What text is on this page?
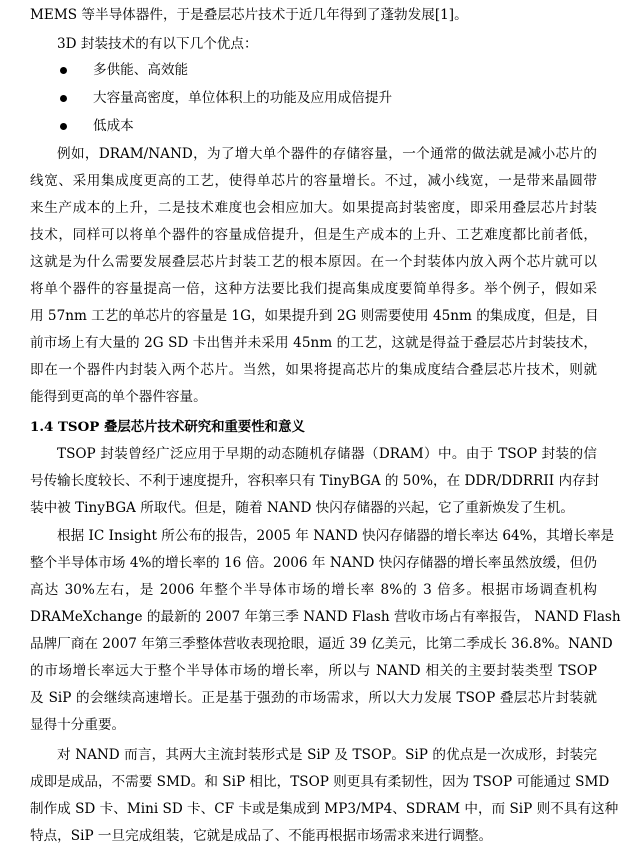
MEMS 等半导体器件，于是叠层芯片技术于近几年得到了蓬勃发展[1]。
3D 封装技术的有以下几个优点：
多供能、高效能
大容量高密度，单位体积上的功能及应用成倍提升
低成本
例如，DRAM/NAND，为了增大单个器件的存储容量，一个通常的做法就是减小芯片的
线宽、采用集成度更高的工艺，使得单芯片的容量增长。不过，减小线宽，一是带来晶圆带
来生产成本的上升，二是技术难度也会相应加大。如果提高封装密度，即采用叠层芯片封装
技术，同样可以将单个器件的容量成倍提升，但是生产成本的上升、工艺难度都比前者低，
这就是为什么需要发展叠层芯片封装工艺的根本原因。在一个封装体内放入两个芯片就可以
将单个器件的容量提高一倍，这种方法要比我们提高集成度要简单得多。举个例子，假如采
用 57nm 工艺的单芯片的容量是 1G，如果提升到 2G 则需要使用 45nm 的集成度，但是，目
前市场上有大量的 2G SD 卡出售并未采用 45nm 的工艺，这就是得益于叠层芯片封装技术，
即在一个器件内封装入两个芯片。当然，如果将提高芯片的集成度结合叠层芯片技术，则就
能得到更高的单个器件容量。
1.4 TSOP 叠层芯片技术研究和重要性和意义
TSOP 封装曾经广泛应用于早期的动态随机存储器（DRAM）中。由于 TSOP 封装的信
号传输长度较长、不利于速度提升，容积率只有 TinyBGA 的 50%，在 DDR/DDRRII 内存封
装中被 TinyBGA 所取代。但是，随着 NAND 快闪存储器的兴起，它了重新焕发了生机。
根据 IC Insight 所公布的报告，2005 年 NAND 快闪存储器的增长率达 64%，其增长率是
整个半导体市场 4%的增长率的 16 倍。2006 年 NAND 快闪存储器的增长率虽然放缓，但仍
高达 30%左右，是 2006 年整个半导体市场的增长率 8%的 3 倍多。根据市场调查机构
DRAMeXchange 的最新的 2007 年第三季 NAND Flash 营收市场占有率报告， NAND Flash
品牌厂商在 2007 年第三季整体营收表现抢眼，逼近 39 亿美元，比第二季成长 36.8%。NAND
的市场增长率远大于整个半导体市场的增长率，所以与 NAND 相关的主要封装类型 TSOP
及 SiP 的会继续高速增长。正是基于强劲的市场需求，所以大力发展 TSOP 叠层芯片封装就
显得十分重要。
对 NAND 而言，其两大主流封装形式是 SiP 及 TSOP。SiP 的优点是一次成形，封装完
成即是成品，不需要 SMD。和 SiP 相比，TSOP 则更具有柔韧性，因为 TSOP 可能通过 SMD
制作成 SD 卡、Mini SD 卡、CF 卡或是集成到 MP3/MP4、SDRAM 中，而 SiP 则不具有这种
特点，SiP 一旦完成组装，它就是成品了、不能再根据市场需求来进行调整。
